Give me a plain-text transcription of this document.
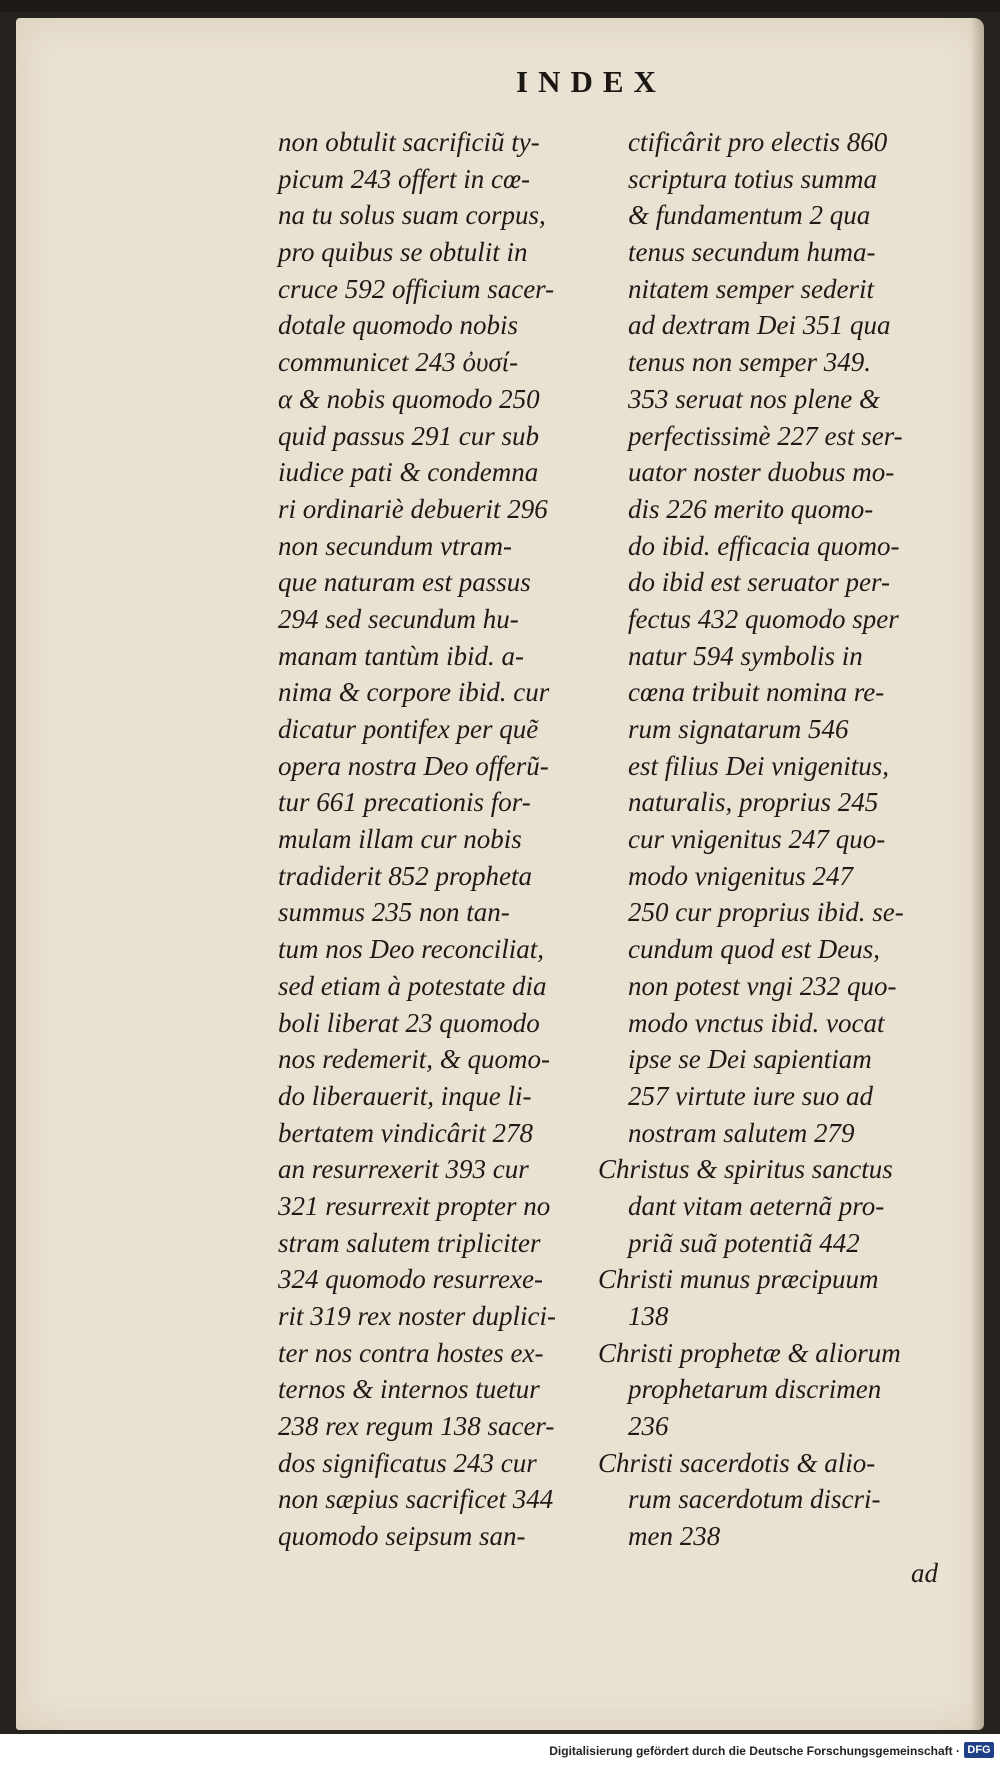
INDEX
non obtulit sacrificiũ ty-
picum 243 offert in cœ-
na tu solus suam corpus,
pro quibus se obtulit in
cruce 592 officium sacer-
dotale quomodo nobis
communicet 243 ὀυσί-
α & nobis quomodo 250
quid passus 291 cur sub
iudice pati & condemna
ri ordinariè debuerit 296
non secundum vtram-
que naturam est passus
294 sed secundum hu-
manam tantùm ibid. a-
nima & corpore ibid. cur
dicatur pontifex per quẽ
opera nostra Deo offerũ-
tur 661 precationis for-
mulam illam cur nobis
tradiderit 852 propheta
summus 235 non tan-
tum nos Deo reconciliat,
sed etiam à potestate dia
boli liberat 23 quomodo
nos redemerit, & quomo-
do liberauerit, inque li-
bertatem vindicârit 278
an resurrexerit 393 cur
321 resurrexit propter no
stram salutem tripliciter
324 quomodo resurrexe-
rit 319 rex noster duplici-
ter nos contra hostes ex-
ternos & internos tuetur
238 rex regum 138 sacer-
dos significatus 243 cur
non sæpius sacrificet 344
quomodo seipsum san-
ctificârit pro electis 860
scriptura totius summa
& fundamentum 2 qua
tenus secundum huma-
nitatem semper sederit
ad dextram Dei 351 qua
tenus non semper 349.
353 seruat nos plene &
perfectissimè 227 est ser-
uator noster duobus mo-
dis 226 merito quomo-
do ibid. efficacia quomo-
do ibid est seruator per-
fectus 432 quomodo sper
natur 594 symbolis in
cœna tribuit nomina re-
rum signatarum 546
est filius Dei vnigenitus,
naturalis, proprius 245
cur vnigenitus 247 quo-
modo vnigenitus 247
250 cur proprius ibid. se-
cundum quod est Deus,
non potest vngi 232 quo-
modo vnctus ibid. vocat
ipse se Dei sapientiam
257 virtute iure suo ad
nostram salutem 279
Christus & spiritus sanctus
dant vitam aeternã pro-
priã suã potentiã 442
Christi munus præcipuum
138
Christi prophetæ & aliorum
prophetarum discrimen
236
Christi sacerdotis & alio-
rum sacerdotum discri-
men 238
ad
Digitalisierung gefördert durch die Deutsche Forschungsgemeinschaft · DFG
